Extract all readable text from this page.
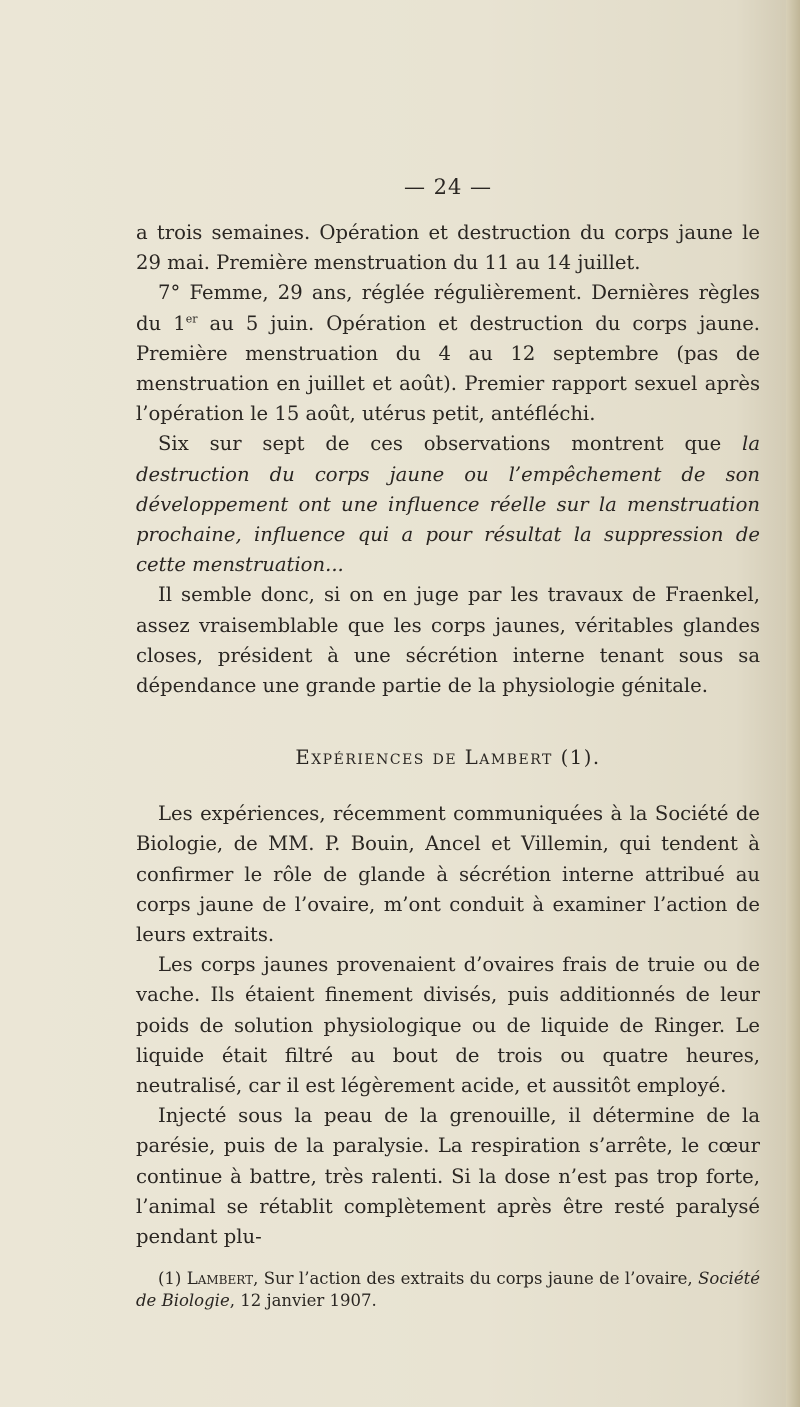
— 24 —

a trois semaines. Opération et destruction du corps jaune le 29 mai. Première menstruation du 11 au 14 juillet.

7° Femme, 29 ans, réglée régulièrement. Dernières règles du 1er au 5 juin. Opération et destruction du corps jaune. Première menstruation du 4 au 12 septembre (pas de menstruation en juillet et août). Premier rapport sexuel après l’opération le 15 août, utérus petit, antéfléchi.

Six sur sept de ces observations montrent que la destruction du corps jaune ou l’empêchement de son développement ont une influence réelle sur la menstruation prochaine, influence qui a pour résultat la suppression de cette menstruation...

Il semble donc, si on en juge par les travaux de Fraenkel, assez vraisemblable que les corps jaunes, véritables glandes closes, président à une sécrétion interne tenant sous sa dépendance une grande partie de la physiologie génitale.

Expériences de Lambert (1).

Les expériences, récemment communiquées à la Société de Biologie, de MM. P. Bouin, Ancel et Villemin, qui tendent à confirmer le rôle de glande à sécrétion interne attribué au corps jaune de l’ovaire, m’ont conduit à examiner l’action de leurs extraits.

Les corps jaunes provenaient d’ovaires frais de truie ou de vache. Ils étaient finement divisés, puis additionnés de leur poids de solution physiologique ou de liquide de Ringer. Le liquide était filtré au bout de trois ou quatre heures, neutralisé, car il est légèrement acide, et aussitôt employé.

Injecté sous la peau de la grenouille, il détermine de la parésie, puis de la paralysie. La respiration s’arrête, le cœur continue à battre, très ralenti. Si la dose n’est pas trop forte, l’animal se rétablit complètement après être resté paralysé pendant plu-

(1) Lambert, Sur l’action des extraits du corps jaune de l’ovaire, Société de Biologie, 12 janvier 1907.
